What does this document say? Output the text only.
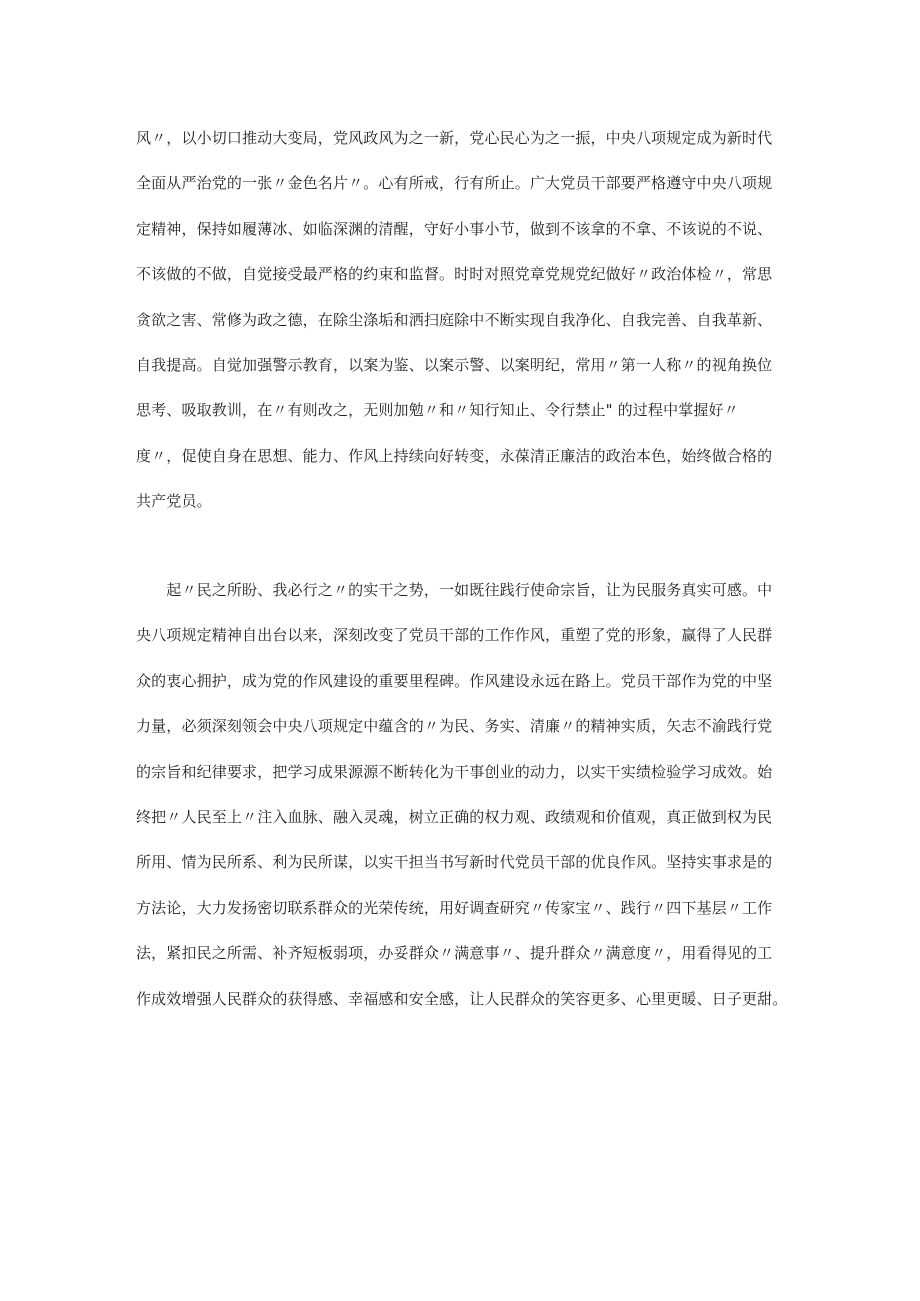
风〃，以小切口推动大变局，党风政风为之一新，党心民心为之一振，中央八项规定成为新时代
全面从严治党的一张〃金色名片〃。心有所戒，行有所止。广大党员干部要严格遵守中央八项规
定精神，保持如履薄冰、如临深渊的清醒，守好小事小节，做到不该拿的不拿、不该说的不说、
不该做的不做，自觉接受最严格的约束和监督。时时对照党章党规党纪做好〃政治体检〃，常思
贪欲之害、常修为政之德，在除尘涤垢和洒扫庭除中不断实现自我净化、自我完善、自我革新、
自我提高。自觉加强警示教育，以案为鉴、以案示警、以案明纪，常用〃第一人称〃的视角换位
思考、吸取教训，在〃有则改之，无则加勉〃和〃知行知止、令行禁止" 的过程中掌握好〃
度〃，促使自身在思想、能力、作风上持续向好转变，永葆清正廉洁的政治本色，始终做合格的
共产党员。
　　起〃民之所盼、我必行之〃的实干之势，一如既往践行使命宗旨，让为民服务真实可感。中
央八项规定精神自出台以来，深刻改变了党员干部的工作作风，重塑了党的形象，赢得了人民群
众的衷心拥护，成为党的作风建设的重要里程碑。作风建设永远在路上。党员干部作为党的中坚
力量，必须深刻领会中央八项规定中蕴含的〃为民、务实、清廉〃的精神实质，矢志不渝践行党
的宗旨和纪律要求，把学习成果源源不断转化为干事创业的动力，以实干实绩检验学习成效。始
终把〃人民至上〃注入血脉、融入灵魂，树立正确的权力观、政绩观和价值观，真正做到权为民
所用、情为民所系、利为民所谋，以实干担当书写新时代党员干部的优良作风。坚持实事求是的
方法论，大力发扬密切联系群众的光荣传统，用好调查研究〃传家宝〃、践行〃四下基层〃工作
法，紧扣民之所需、补齐短板弱项，办妥群众〃满意事〃、提升群众〃满意度〃，用看得见的工
作成效增强人民群众的获得感、幸福感和安全感，让人民群众的笑容更多、心里更暖、日子更甜。
